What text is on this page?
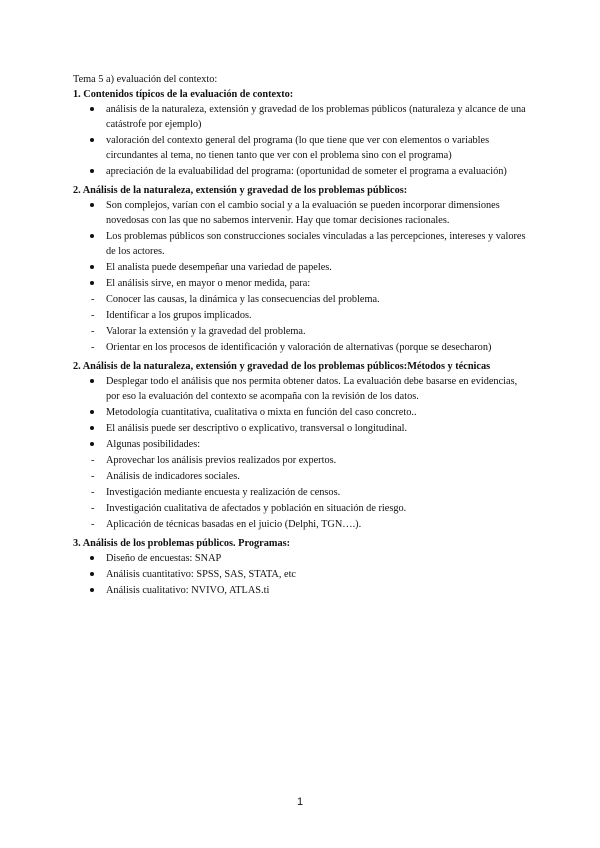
Tema 5 a) evaluación del contexto:

1. Contenidos típicos de la evaluación de contexto:

análisis de la naturaleza, extensión y gravedad de los problemas públicos (naturaleza y alcance de una catástrofe por ejemplo)

valoración del contexto general del programa (lo que tiene que ver con elementos o variables circundantes al tema, no tienen tanto que ver con el problema sino con el programa)

apreciación de la evaluabilidad del programa: (oportunidad de someter el programa a evaluación)

2. Análisis de la naturaleza, extensión y gravedad de los problemas públicos:

Son complejos, varían con el cambio social y a la evaluación se pueden incorporar dimensiones novedosas con las que no sabemos intervenir. Hay que tomar decisiones racionales.

Los problemas públicos son construcciones sociales vinculadas a las percepciones, intereses y valores de los actores.

El analista puede desempeñar una variedad de papeles.

El análisis sirve, en mayor o menor medida, para:

-	Conocer las causas, la dinámica y las consecuencias del problema.

-	Identificar a los grupos implicados.

-	Valorar la extensión y la gravedad del problema.

-	Orientar en los procesos de identificación y valoración de alternativas (porque se desecharon)

2. Análisis de la naturaleza, extensión y gravedad de los problemas públicos:Métodos y técnicas

Desplegar todo el análisis que nos permita obtener datos. La evaluación debe basarse en evidencias, por eso la evaluación del contexto se acompaña con la revisión de los datos.

Metodología cuantitativa, cualitativa o mixta en función del caso concreto..

El análisis puede ser descriptivo o explicativo, transversal o longitudinal.

Algunas posibilidades:

-	Aprovechar los análisis previos realizados por expertos.

-	Análisis de indicadores sociales.

-	Investigación mediante encuesta y realización de censos.

-	Investigación cualitativa de afectados y población en situación de riesgo.

-	Aplicación de técnicas basadas en el juicio (Delphi, TGN….).

3. Análisis de los problemas públicos. Programas:

Diseño de encuestas: SNAP

Análisis cuantitativo: SPSS, SAS, STATA, etc

Análisis cualitativo: NVIVO, ATLAS.ti

1
